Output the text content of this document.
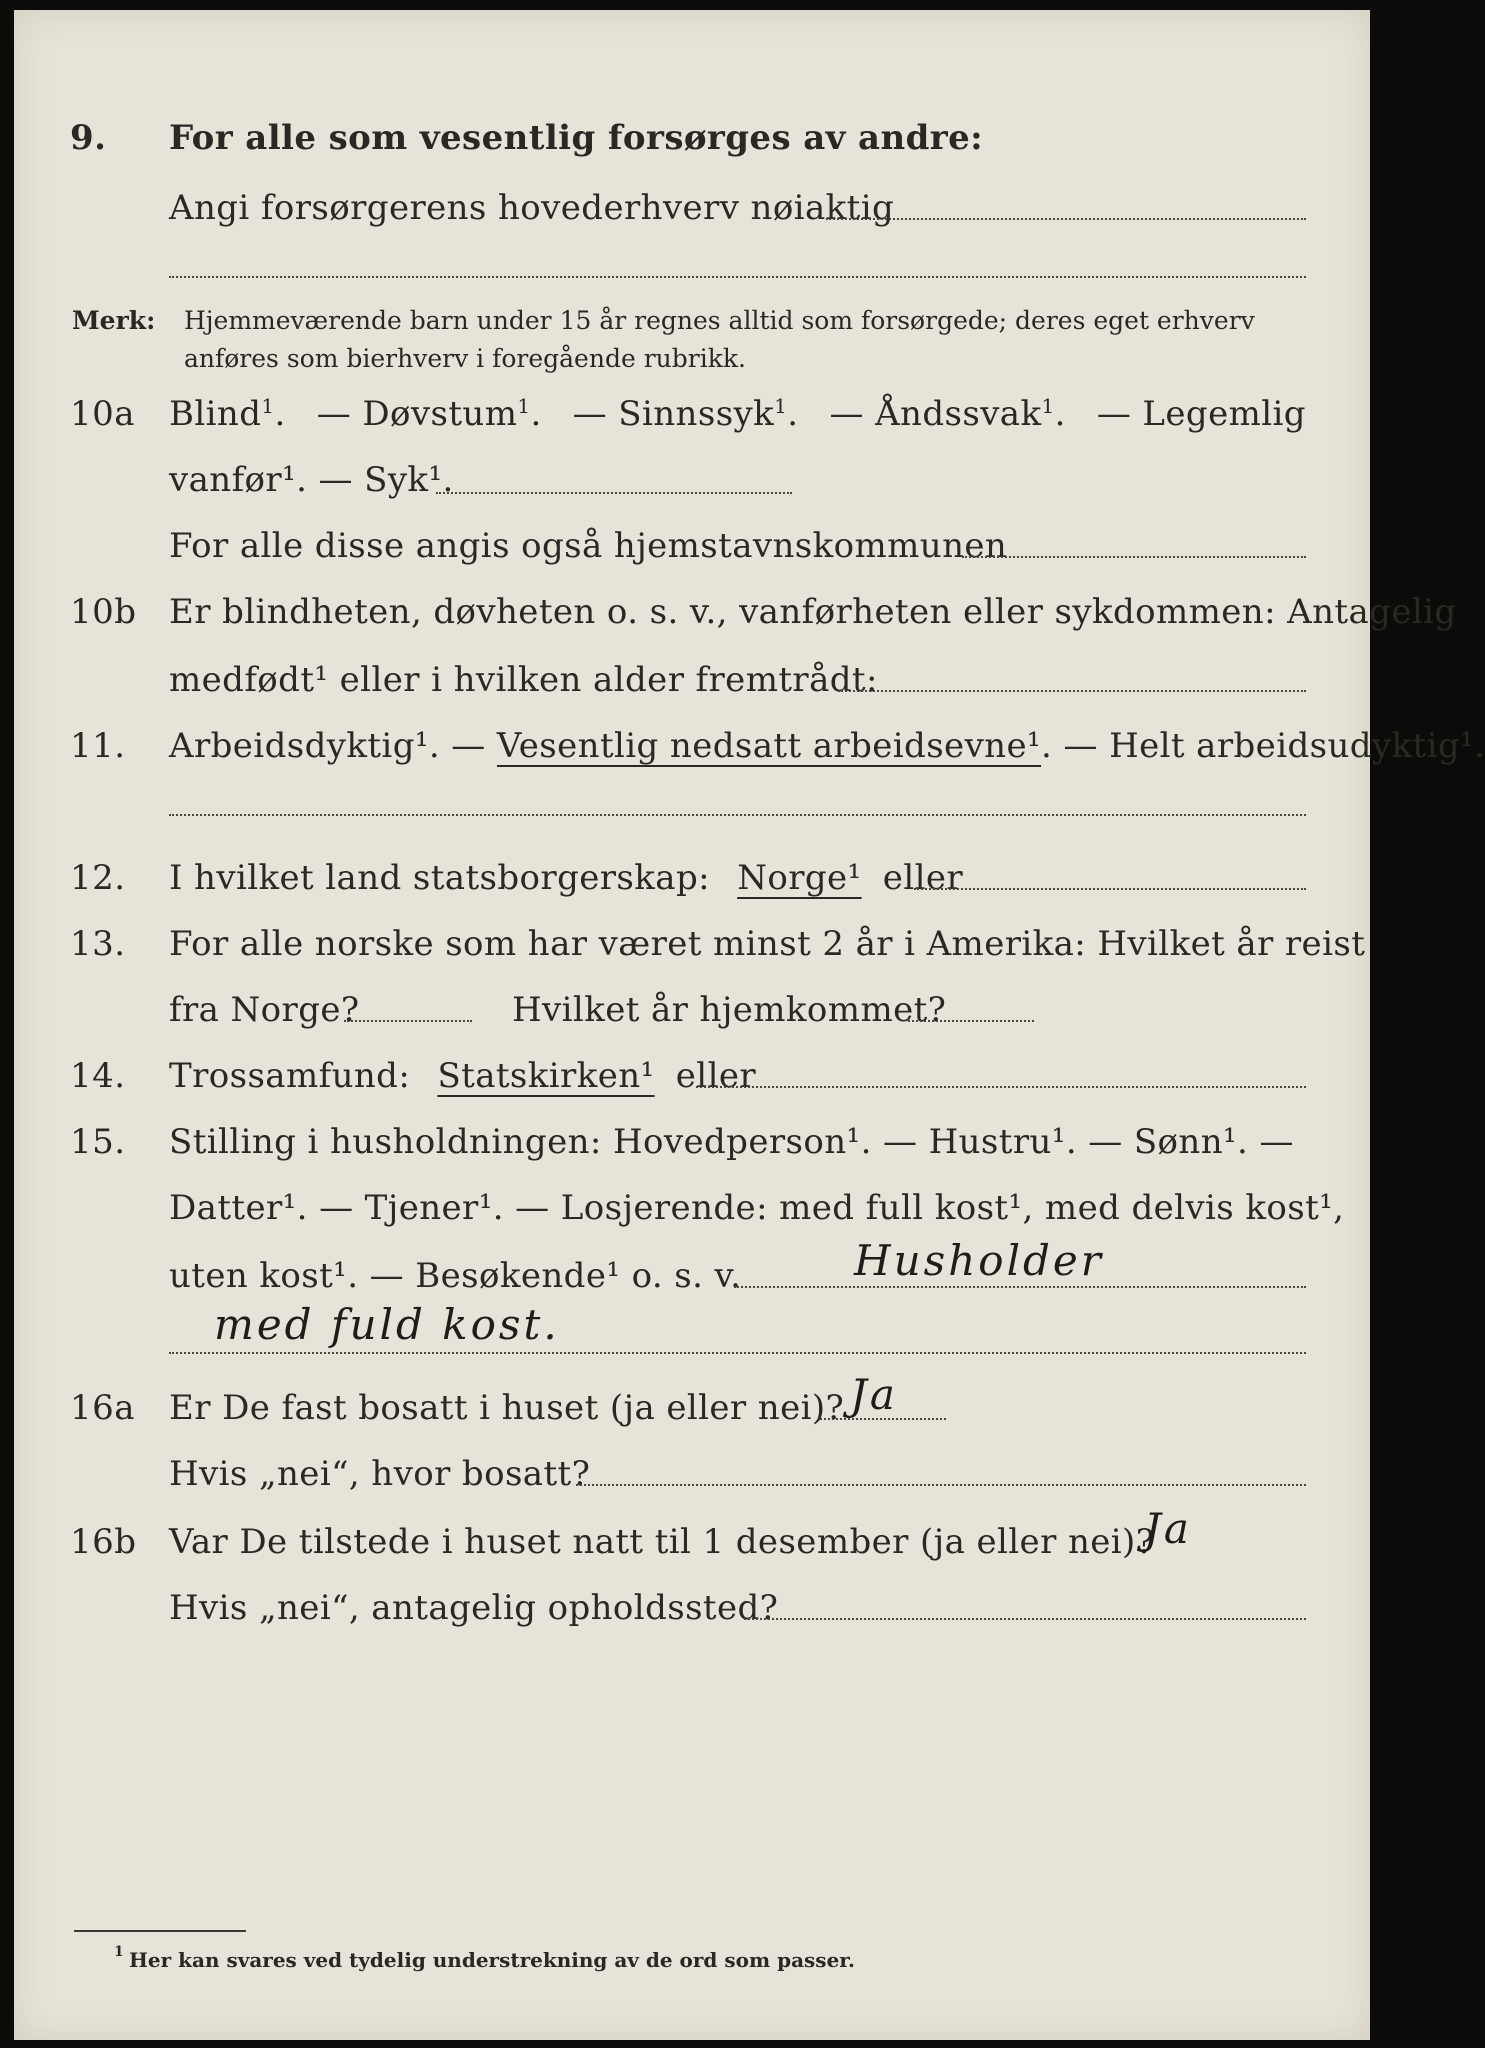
9. For alle som vesentlig forsørges av andre:
Angi forsørgerens hovederhverv nøiaktig
Merk: Hjemmeværende barn under 15 år regnes alltid som forsørgede; deres eget erhverv
anføres som bierhverv i foregående rubrikk.
10a Blind$^1$. — Døvstum$^1$. — Sinnssyk$^1$. — Åndssvak$^1$. — Legemlig
vanfør¹. — Syk¹.
For alle disse angis også hjemstavnskommunen
10b Er blindheten, døvheten o. s. v., vanførheten eller sykdommen: Antagelig
medfødt¹ eller i hvilken alder fremtrådt:
11. Arbeidsdyktig¹. — Vesentlig nedsatt arbeidsevne¹. — Helt arbeidsudyktig¹.
12. I hvilket land statsborgerskap: Norge¹ eller
13. For alle norske som har været minst 2 år i Amerika: Hvilket år reist
fra Norge?	Hvilket år hjemkommet?
14. Trossamfund: Statskirken¹ eller
15. Stilling i husholdningen: Hovedperson¹. — Hustru¹. — Sønn¹. —
Datter¹. — Tjener¹. — Losjerende: med full kost¹, med delvis kost¹,
uten kost¹. — Besøkende¹ o. s. v.	Husholder
med fuld kost.
16a Er De fast bosatt i huset (ja eller nei)? Ja
Hvis „nei“, hvor bosatt?
16b Var De tilstede i huset natt til 1 desember (ja eller nei)?
Ja
Hvis „nei“, antagelig opholdssted?
1 Her kan svares ved tydelig understrekning av de ord som passer.
